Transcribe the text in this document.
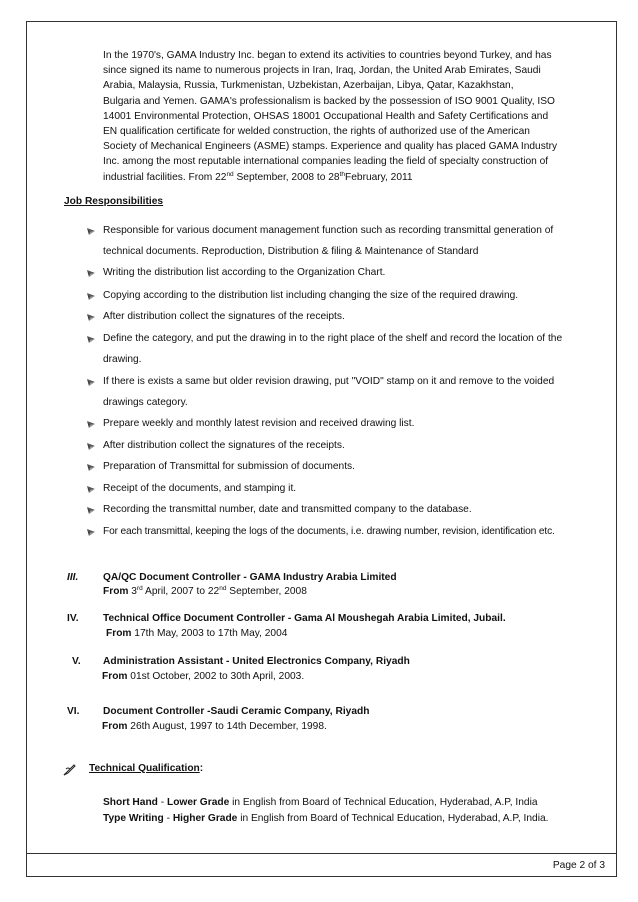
In the 1970's, GAMA Industry Inc. began to extend its activities to countries beyond Turkey, and has
since signed its name to numerous projects in Iran, Iraq, Jordan, the United Arab Emirates, Saudi
Arabia, Malaysia, Russia, Turkmenistan, Uzbekistan, Azerbaijan, Libya, Qatar, Kazakhstan,
Bulgaria and Yemen. GAMA's professionalism is backed by the possession of ISO 9001 Quality, ISO
14001 Environmental Protection, OHSAS 18001 Occupational Health and Safety Certifications and
EN qualification certificate for welded construction, the rights of authorized use of the American
Society of Mechanical Engineers (ASME) stamps. Experience and quality has placed GAMA Industry
Inc. among the most reputable international companies leading the field of specialty construction of
industrial facilities. From 22nd September, 2008 to 28thFebruary, 2011
Job Responsibilities
Responsible for various document management function such as recording transmittal generation of
technical documents. Reproduction, Distribution & filing & Maintenance of Standard
Writing the distribution list according to the Organization Chart.
Copying according to the distribution list including changing the size of the required drawing.
After distribution collect the signatures of the receipts.
Define the category, and put the drawing in to the right place of the shelf and record the location of the
drawing.
If there is exists a same but older revision drawing, put "VOID" stamp on it and remove to the voided
drawings category.
Prepare weekly and monthly latest revision and received drawing list.
After distribution collect the signatures of the receipts.
Preparation of Transmittal for submission of documents.
Receipt of the documents, and stamping it.
Recording the transmittal number, date and transmitted company to the database.
For each transmittal, keeping the logs of the documents, i.e. drawing number, revision, identification etc.
III. QA/QC Document Controller - GAMA Industry Arabia Limited
From 3rd April, 2007 to 22nd September, 2008
IV. Technical Office Document Controller - Gama Al Moushegah Arabia Limited, Jubail.
From 17th May, 2003 to 17th May, 2004
V. Administration Assistant - United Electronics Company, Riyadh
From 01st October, 2002 to 30th April, 2003.
VI. Document Controller -Saudi Ceramic Company, Riyadh
From 26th August, 1997 to 14th December, 1998.
Technical Qualification:
Short Hand - Lower Grade in English from Board of Technical Education, Hyderabad, A.P, India
Type Writing - Higher Grade in English from Board of Technical Education, Hyderabad, A.P, India.
Page 2 of 3
